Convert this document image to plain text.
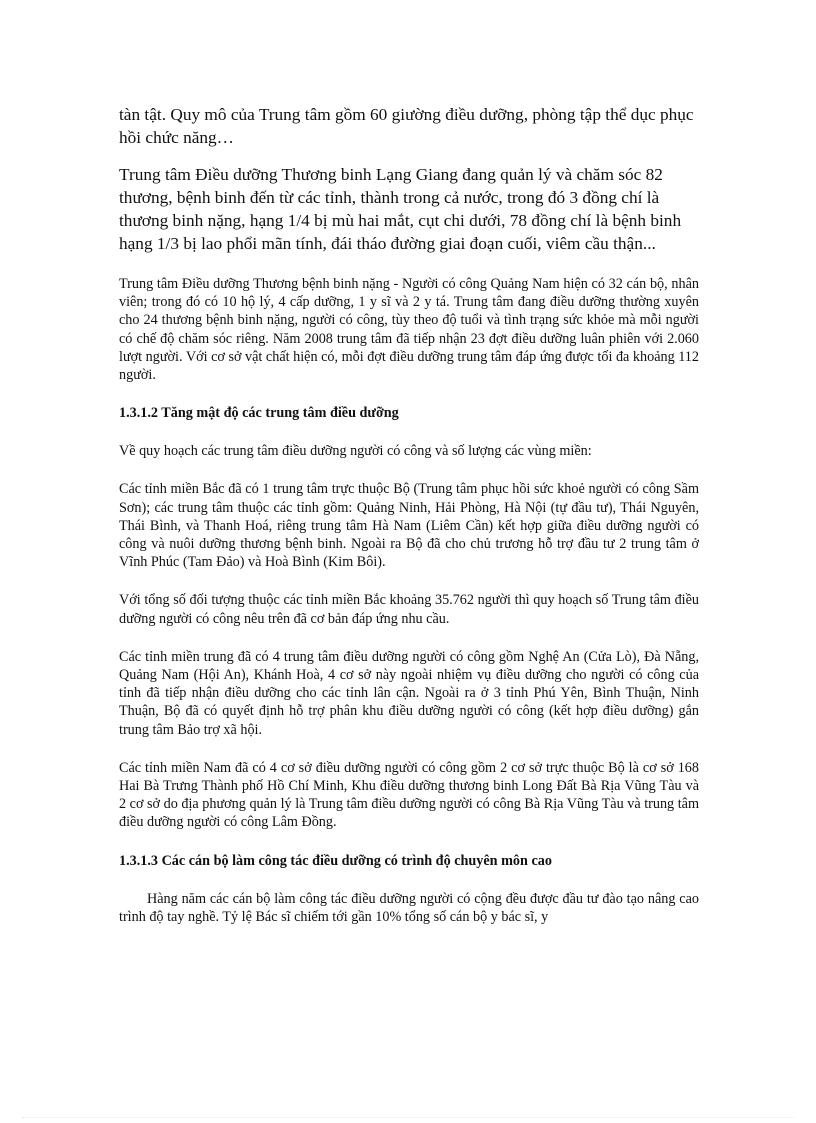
tàn tật. Quy mô của Trung tâm gồm 60 giường điều dưỡng, phòng tập thể dục phục hồi chức năng…

Trung tâm Điều dưỡng Thương binh Lạng Giang đang quản lý và chăm sóc 82 thương, bệnh binh đến từ các tỉnh, thành trong cả nước, trong đó 3 đồng chí là thương binh nặng, hạng 1/4 bị mù hai mắt, cụt chi dưới, 78 đồng chí là bệnh binh hạng 1/3 bị lao phổi mãn tính, đái tháo đường giai đoạn cuối, viêm cầu thận...

Trung tâm Điều dưỡng Thương bệnh binh nặng - Người có công Quảng Nam hiện có 32 cán bộ, nhân viên; trong đó có 10 hộ lý, 4 cấp dưỡng, 1 y sĩ và 2 y tá. Trung tâm đang điều dưỡng thường xuyên cho 24 thương bệnh binh nặng, người có công, tùy theo độ tuổi và tình trạng sức khỏe mà mỗi người có chế độ chăm sóc riêng. Năm 2008 trung tâm đã tiếp nhận 23 đợt điều dưỡng luân phiên với 2.060 lượt người. Với cơ sở vật chất hiện có, mỗi đợt điều dưỡng trung tâm đáp ứng được tối đa khoảng 112 người.

1.3.1.2 Tăng mật độ các trung tâm điều dưỡng

Về quy hoạch các trung tâm điều dưỡng người có công và số lượng các vùng miền:

Các tỉnh miền Bắc đã có 1 trung tâm trực thuộc Bộ (Trung tâm phục hồi sức khoẻ người có công Sầm Sơn); các trung tâm thuộc các tỉnh gồm: Quảng Ninh, Hải Phòng, Hà Nội (tự đầu tư), Thái Nguyên, Thái Bình, và Thanh Hoá, riêng trung tâm Hà Nam (Liêm Cần) kết hợp giữa điều dưỡng người có công và nuôi dưỡng thương bệnh binh. Ngoài ra Bộ đã cho chủ trương hỗ trợ đầu tư 2 trung tâm ở Vĩnh Phúc (Tam Đảo) và Hoà Bình (Kim Bôi).

Với tổng số đối tượng thuộc các tỉnh miền Bắc khoảng 35.762 người thì quy hoạch số Trung tâm điều dưỡng người có công nêu trên đã cơ bản đáp ứng nhu cầu.

Các tỉnh miền trung đã có 4 trung tâm điều dưỡng người có công gồm Nghệ An (Cửa Lò), Đà Nẵng, Quảng Nam (Hội An), Khánh Hoà, 4 cơ sở này ngoài nhiệm vụ điều dưỡng cho người có công của tỉnh đã tiếp nhận điều dưỡng cho các tỉnh lân cận. Ngoài ra ở 3 tỉnh Phú Yên, Bình Thuận, Ninh Thuận, Bộ đã có quyết định hỗ trợ phân khu điều dưỡng người có công (kết hợp điều dưỡng) gắn trung tâm Bảo trợ xã hội.

Các tỉnh miền Nam đã có 4 cơ sở điều dưỡng người có công gồm 2 cơ sở trực thuộc Bộ là cơ sở 168 Hai Bà Trưng Thành phố Hồ Chí Minh, Khu điều dưỡng thương binh Long Đất Bà Rịa Vũng Tàu và 2 cơ sở do địa phương quản lý là Trung tâm điều dưỡng người có công Bà Rịa Vũng Tàu và trung tâm điều dưỡng người có công Lâm Đồng.

1.3.1.3 Các cán bộ làm công tác điều dưỡng có trình độ chuyên môn cao

Hàng năm các cán bộ làm công tác điều dưỡng người có cộng đều được đầu tư đào tạo nâng cao trình độ tay nghề. Tỷ lệ Bác sĩ chiếm tới gần 10% tổng số cán bộ y bác sĩ, y
